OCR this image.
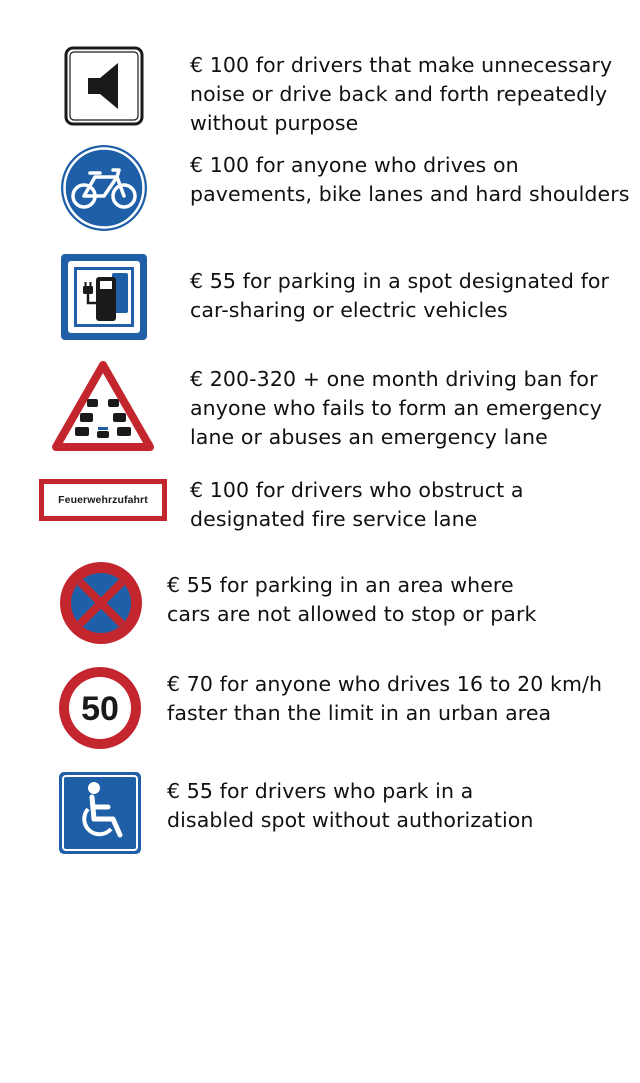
€ 100 for drivers that make unnecessary
noise or drive back and forth repeatedly
without purpose
€ 100 for anyone who drives on
pavements, bike lanes and hard shoulders
€ 55 for parking in a spot designated for
car-sharing or electric vehicles
€ 200-320 + one month driving ban for
anyone who fails to form an emergency
lane or abuses an emergency lane
Feuerwehrzufahrt € 100 for drivers who obstruct a
designated fire service lane
€ 55 for parking in an area where
cars are not allowed to stop or park
50
€ 70 for anyone who drives 16 to 20 km/h
faster than the limit in an urban area
€ 55 for drivers who park in a
disabled spot without authorization
